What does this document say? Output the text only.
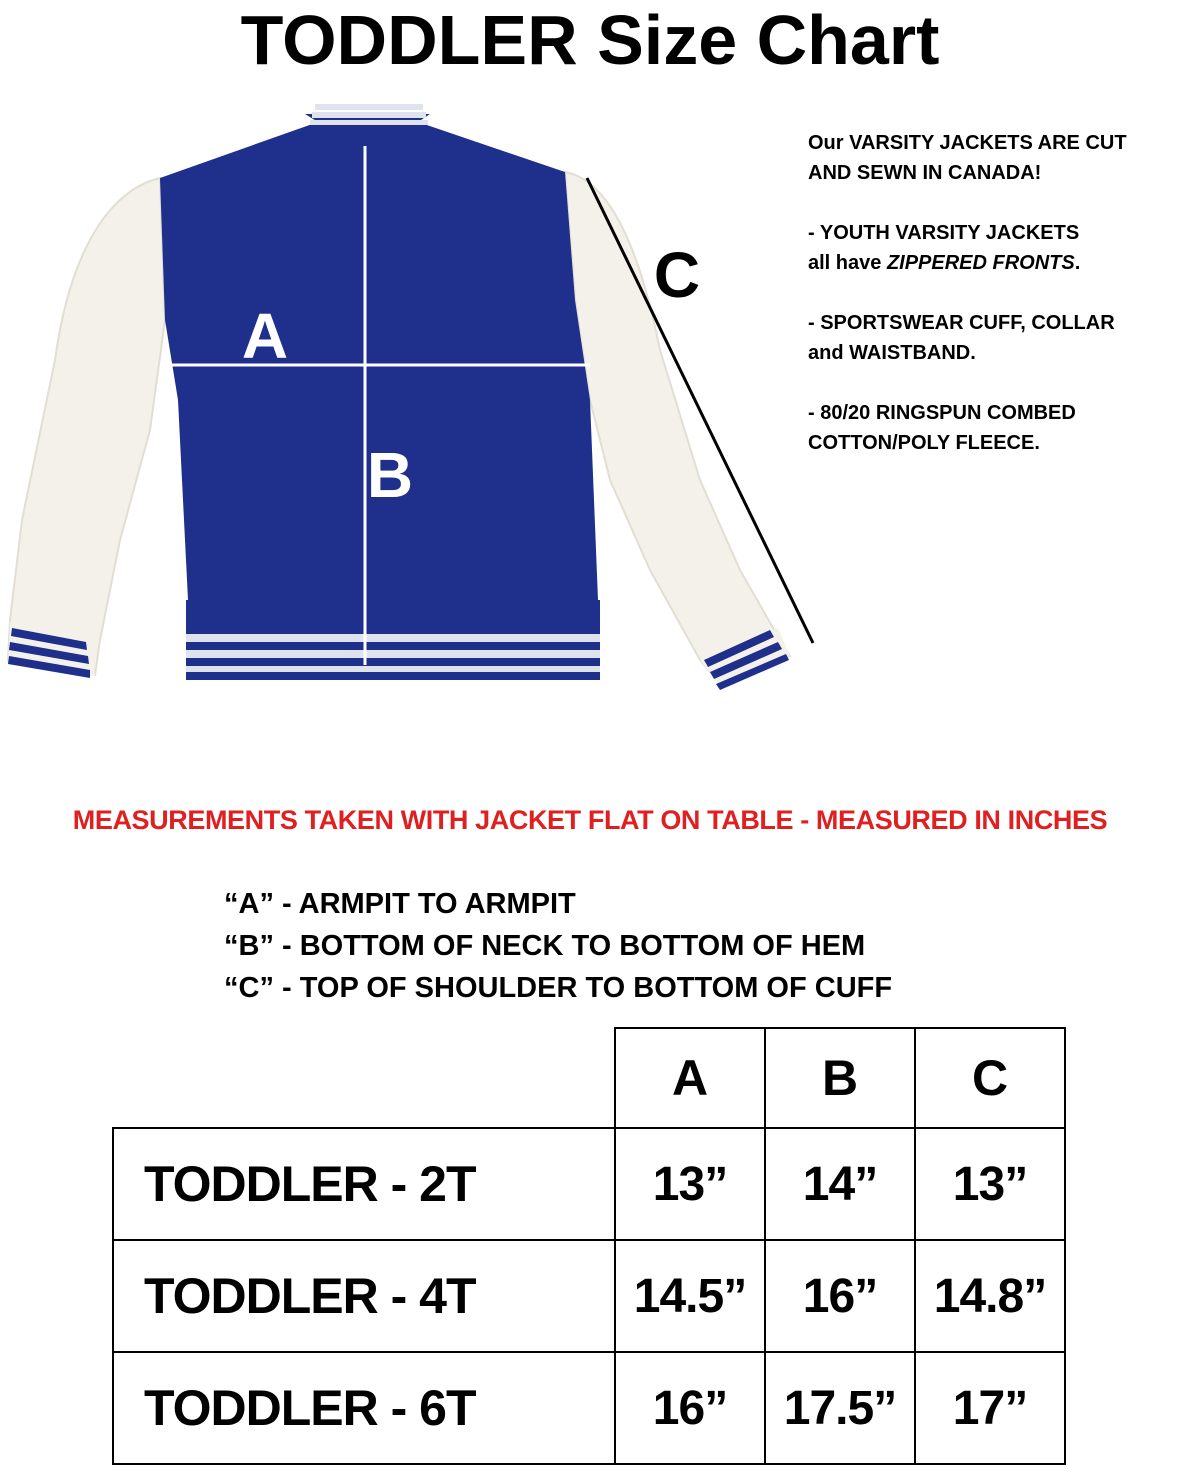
TODDLER Size Chart
A
B
C

Our VARSITY JACKETS ARE CUT
AND SEWN IN CANADA!

- YOUTH VARSITY JACKETS
all have ZIPPERED FRONTS.

- SPORTSWEAR CUFF, COLLAR
and WAISTBAND.

- 80/20 RINGSPUN COMBED
COTTON/POLY FLEECE.

MEASUREMENTS TAKEN WITH JACKET FLAT ON TABLE - MEASURED IN INCHES
“A” - ARMPIT TO ARMPIT
“B” - BOTTOM OF NECK TO BOTTOM OF HEM
“C” - TOP OF SHOULDER TO BOTTOM OF CUFF
	A	B	C
TODDLER - 2T	13”	14”	13”
TODDLER - 4T	14.5”	16”	14.8”
TODDLER - 6T	16”	17.5”	17”
